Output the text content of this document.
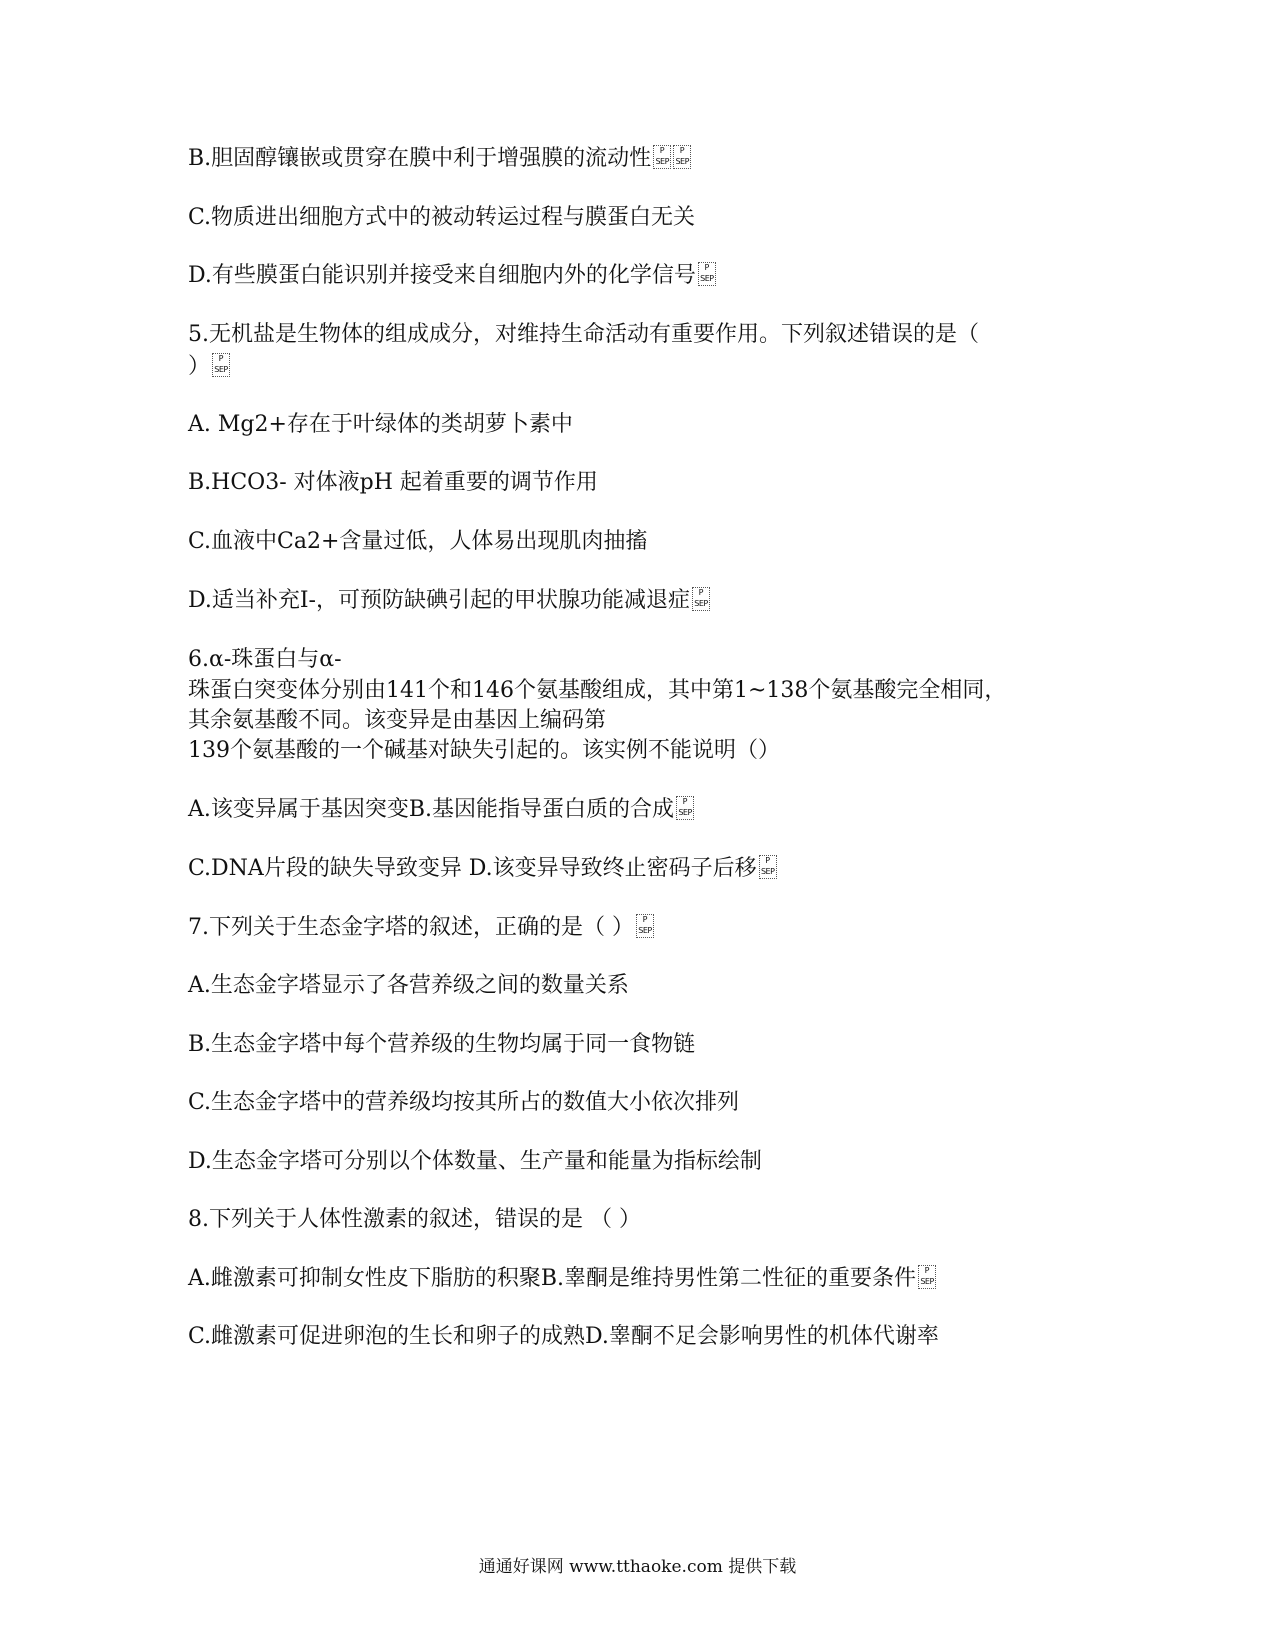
B.胆固醇镶嵌或贯穿在膜中利于增强膜的流动性	P
SEP
P
SEP
C.物质进出细胞方式中的被动转运过程与膜蛋白无关
D.有些膜蛋白能识别并接受来自细胞内外的化学信号	P
SEP
5.无机盐是生物体的组成成分，对维持生命活动有重要作用。下列叙述错误的是（
）	P
SEP
A. Mg2+存在于叶绿体的类胡萝卜素中
B.HCO3- 对体液pH 起着重要的调节作用
C.血液中Ca2+含量过低，人体易出现肌肉抽搐
D.适当补充I-，可预防缺碘引起的甲状腺功能减退症	P
SEP
6.α-珠蛋白与α-
珠蛋白突变体分别由141个和146个氨基酸组成，其中第1~138个氨基酸完全相同，
其余氨基酸不同。该变异是由基因上编码第
139个氨基酸的一个碱基对缺失引起的。该实例不能说明（）
A.该变异属于基因突变B.基因能指导蛋白质的合成	P
SEP
C.DNA片段的缺失导致变异 D.该变异导致终止密码子后移	P
SEP
7.下列关于生态金字塔的叙述，正确的是（ ）	P
SEP
A.生态金字塔显示了各营养级之间的数量关系
B.生态金字塔中每个营养级的生物均属于同一食物链
C.生态金字塔中的营养级均按其所占的数值大小依次排列
D.生态金字塔可分别以个体数量、生产量和能量为指标绘制
8.下列关于人体性激素的叙述，错误的是 （ ）
A.雌激素可抑制女性皮下脂肪的积聚B.睾酮是维持男性第二性征的重要条件	P
SEP
C.雌激素可促进卵泡的生长和卵子的成熟D.睾酮不足会影响男性的机体代谢率
通通好课网 www.tthaoke.com 提供下载
